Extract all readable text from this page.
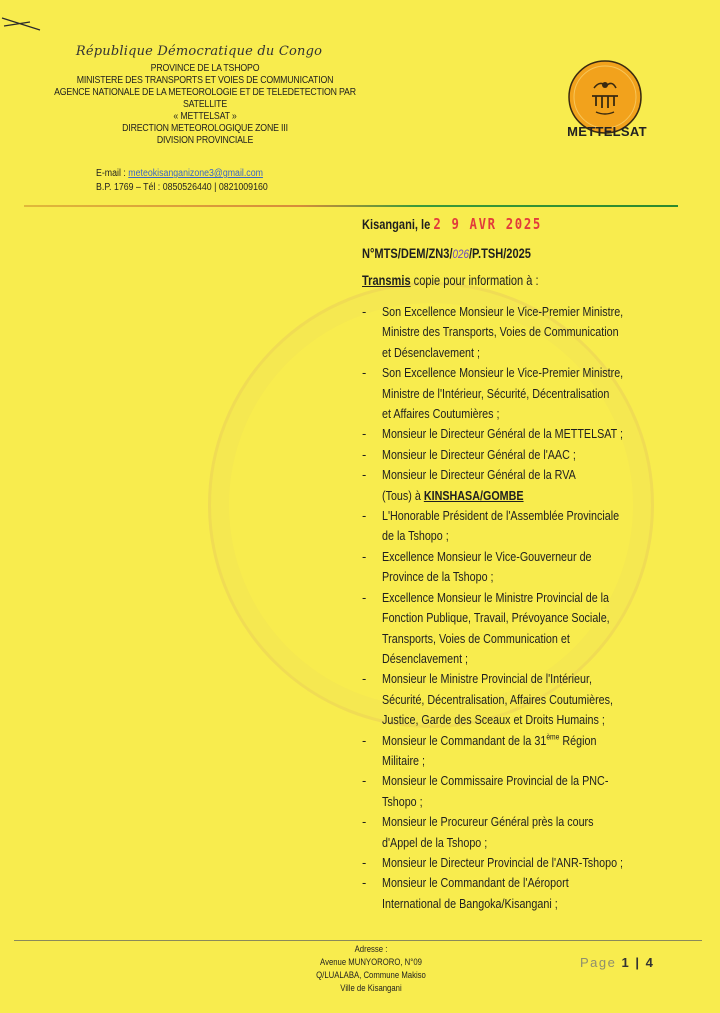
République Démocratique du Congo
PROVINCE DE LA TSHOPO
MINISTERE DES TRANSPORTS ET VOIES DE COMMUNICATION
AGENCE NATIONALE DE LA METEOROLOGIE ET DE TELEDETECTION PAR SATELLITE
« METTELSAT »
DIRECTION METEOROLOGIQUE ZONE III
DIVISION PROVINCIALE
E-mail : meteokisanganizone3@gmail.com
B.P. 1769 – Tél : 0850526440 | 0821009160
METTELSAT
Kisangani, le 2 9 AVR 2025
N°MTS/DEM/ZN3/026/P.TSH/2025
Transmis copie pour information à :
- Son Excellence Monsieur le Vice-Premier Ministre,
Ministre des Transports, Voies de Communication
et Désenclavement ;
- Son Excellence Monsieur le Vice-Premier Ministre,
Ministre de l'Intérieur, Sécurité, Décentralisation
et Affaires Coutumières ;
- Monsieur le Directeur Général de la METTELSAT ;
- Monsieur le Directeur Général de l'AAC ;
- Monsieur le Directeur Général de la RVA
(Tous) à KINSHASA/GOMBE
- L'Honorable Président de l'Assemblée Provinciale
de la Tshopo ;
- Excellence Monsieur le Vice-Gouverneur de
Province de la Tshopo ;
- Excellence Monsieur le Ministre Provincial de la
Fonction Publique, Travail, Prévoyance Sociale,
Transports, Voies de Communication et
Désenclavement ;
- Monsieur le Ministre Provincial de l'Intérieur,
Sécurité, Décentralisation, Affaires Coutumières,
Justice, Garde des Sceaux et Droits Humains ;
- Monsieur le Commandant de la 31ème Région
Militaire ;
- Monsieur le Commissaire Provincial de la PNC-
Tshopo ;
- Monsieur le Procureur Général près la cours
d'Appel de la Tshopo ;
- Monsieur le Directeur Provincial de l'ANR-Tshopo ;
- Monsieur le Commandant de l'Aéroport
International de Bangoka/Kisangani ;
Adresse :
Avenue MUNYORORO, N°09
Q/LUALABA, Commune Makiso
Ville de Kisangani
Page 1 | 4
